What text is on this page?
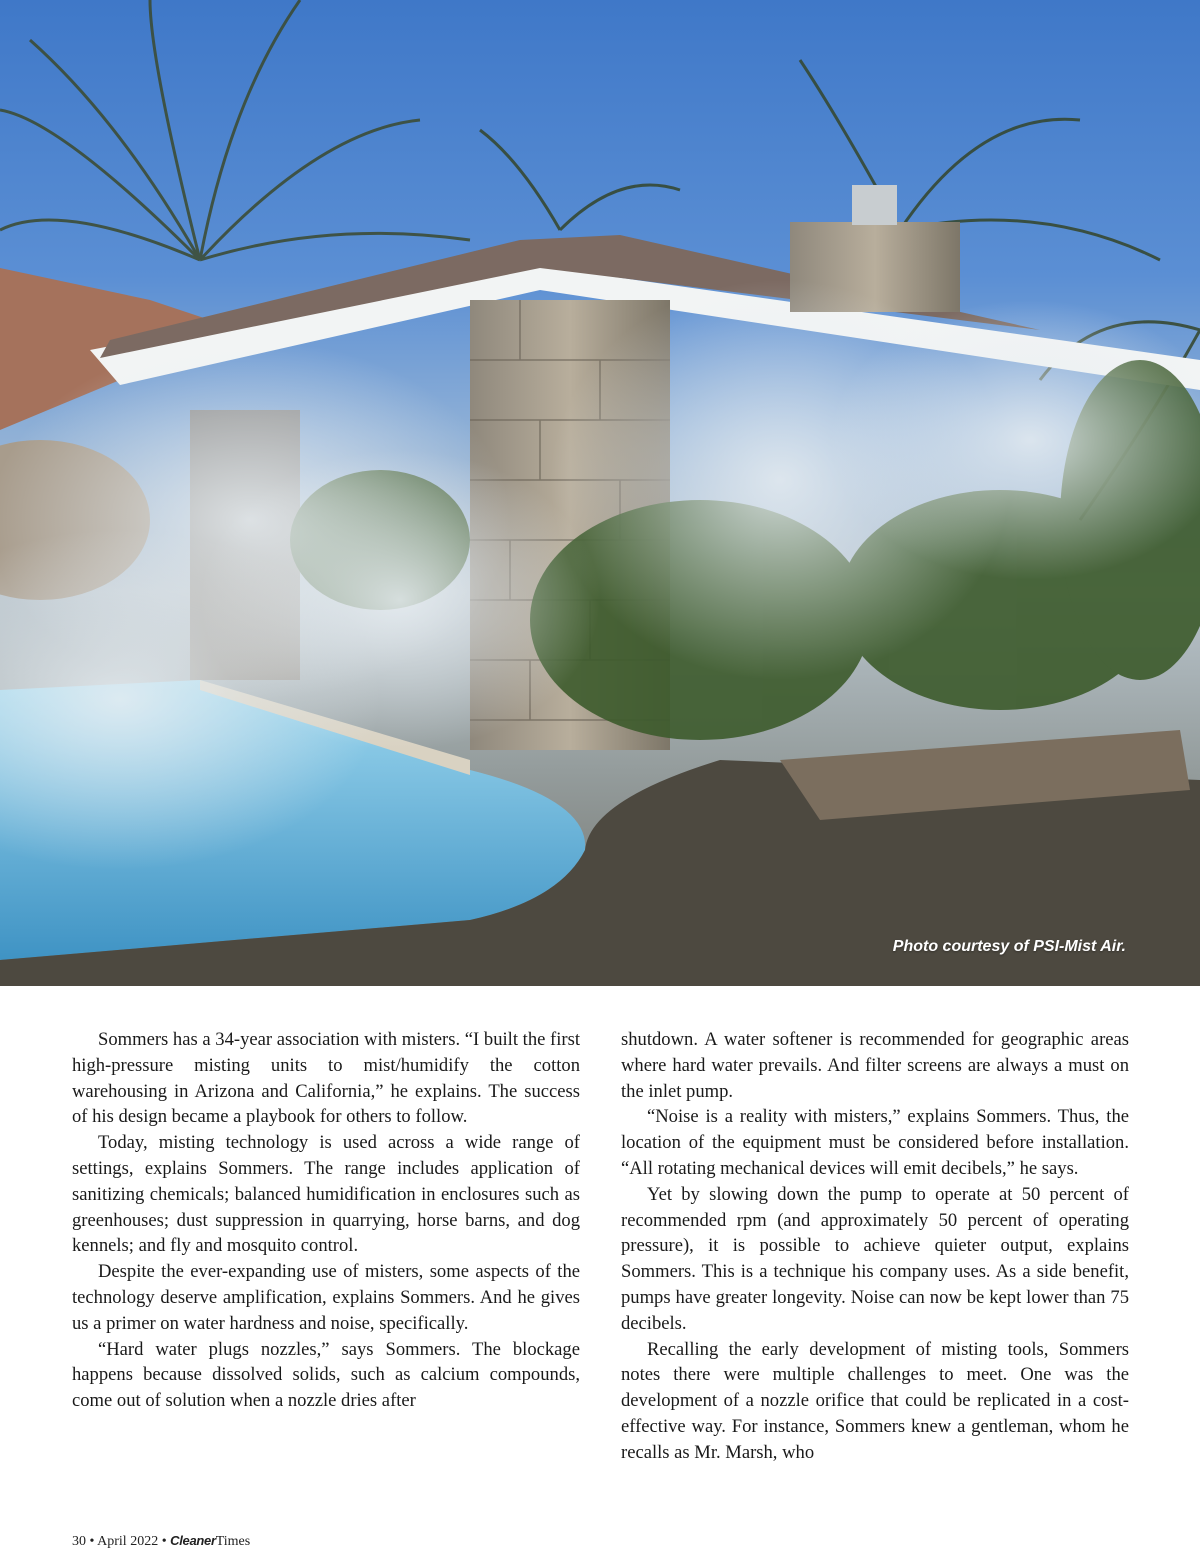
Photo courtesy of PSI-Mist Air.

Sommers has a 34-year association with misters. “I built the first high-pressure misting units to mist/humidify the cotton warehousing in Arizona and California,” he explains. The success of his design became a playbook for others to follow.

Today, misting technology is used across a wide range of settings, explains Sommers. The range includes application of sanitizing chemicals; balanced humidification in enclosures such as greenhouses; dust suppression in quarrying, horse barns, and dog kennels; and fly and mosquito control.

Despite the ever-expanding use of misters, some aspects of the technology deserve amplification, explains Sommers. And he gives us a primer on water hardness and noise, specifically.

“Hard water plugs nozzles,” says Sommers. The blockage happens because dissolved solids, such as calcium compounds, come out of solution when a nozzle dries after

shutdown. A water softener is recommended for geographic areas where hard water prevails. And filter screens are always a must on the inlet pump.

“Noise is a reality with misters,” explains Sommers. Thus, the location of the equipment must be considered before installation. “All rotating mechanical devices will emit decibels,” he says.

Yet by slowing down the pump to operate at 50 percent of recommended rpm (and approximately 50 percent of operating pressure), it is possible to achieve quieter output, explains Sommers. This is a technique his company uses. As a side benefit, pumps have greater longevity. Noise can now be kept lower than 75 decibels.

Recalling the early development of misting tools, Sommers notes there were multiple challenges to meet. One was the development of a nozzle orifice that could be replicated in a cost-effective way. For instance, Sommers knew a gentleman, whom he recalls as Mr. Marsh, who

30 • April 2022 • CleanerTimes
